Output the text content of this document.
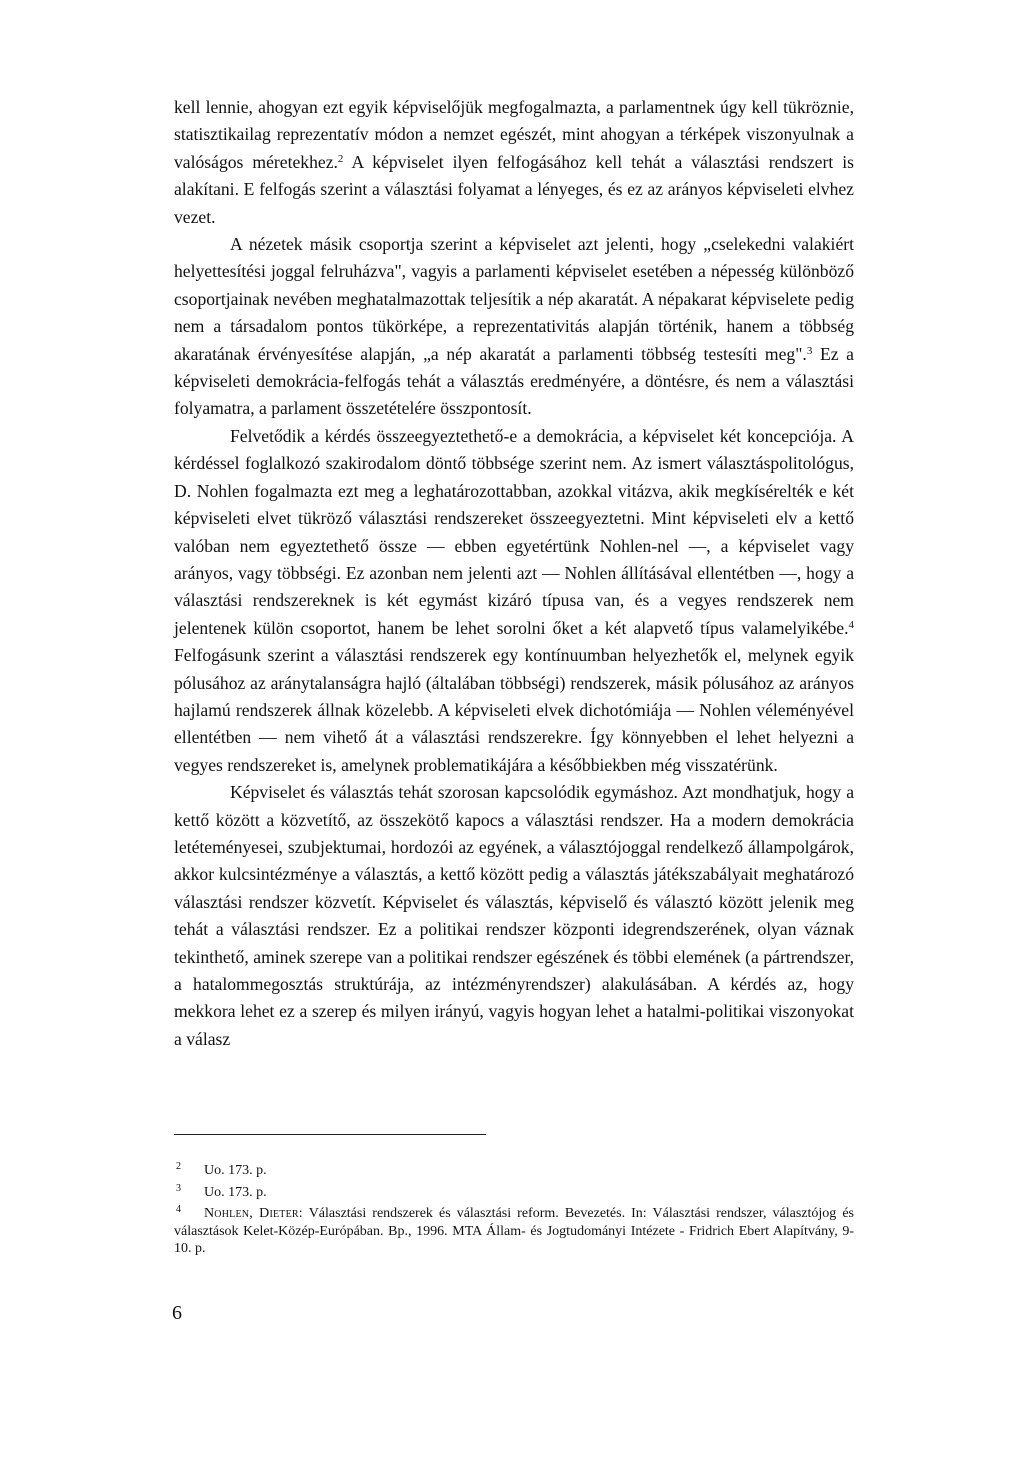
kell lennie, ahogyan ezt egyik képviselőjük megfogalmazta, a parlamentnek úgy kell tükröznie, statisztikailag reprezentatív módon a nemzet egészét, mint ahogyan a térképek viszonyulnak a valóságos méretekhez.$^2$ A képviselet ilyen felfogásához kell tehát a választási rendszert is alakítani. E felfogás szerint a választási folyamat a lényeges, és ez az arányos képviseleti elvhez vezet.

A nézetek másik csoportja szerint a képviselet azt jelenti, hogy „cselekedni valakiért helyettesítési joggal felruházva", vagyis a parlamenti képviselet esetében a népesség különböző csoportjainak nevében meghatalmazottak teljesítik a nép akaratát. A népakarat képviselete pedig nem a társadalom pontos tükörképe, a reprezentativitás alapján történik, hanem a többség akaratának érvényesítése alapján, „a nép akaratát a parlamenti többség testesíti meg".$^3$ Ez a képviseleti demokrácia-felfogás tehát a választás eredményére, a döntésre, és nem a választási folyamatra, a parlament összetételére összpontosít.

Felvetődik a kérdés összeegyeztethető-e a demokrácia, a képviselet két koncepciója. A kérdéssel foglalkozó szakirodalom döntő többsége szerint nem. Az ismert választáspolitológus, D. Nohlen fogalmazta ezt meg a leghatározottabban, azokkal vitázva, akik megkísérelték e két képviseleti elvet tükröző választási rendszereket összeegyeztetni. Mint képviseleti elv a kettő valóban nem egyeztethető össze — ebben egyetértünk Nohlen-nel —, a képviselet vagy arányos, vagy többségi. Ez azonban nem jelenti azt — Nohlen állításával ellentétben —, hogy a választási rendszereknek is két egymást kizáró típusa van, és a vegyes rendszerek nem jelentenek külön csoportot, hanem be lehet sorolni őket a két alapvető típus valamelyikébe.$^4$ Felfogásunk szerint a választási rendszerek egy kontínuumban helyezhetők el, melynek egyik pólusához az aránytalanságra hajló (általában többségi) rendszerek, másik pólusához az arányos hajlamú rendszerek állnak közelebb. A képviseleti elvek dichotómiája — Nohlen véleményével ellentétben — nem vihető át a választási rendszerekre. Így könnyebben el lehet helyezni a vegyes rendszereket is, amelynek problematikájára a későbbiekben még visszatérünk.

Képviselet és választás tehát szorosan kapcsolódik egymáshoz. Azt mondhatjuk, hogy a kettő között a közvetítő, az összekötő kapocs a választási rendszer. Ha a modern demokrácia letéteményesei, szubjektumai, hordozói az egyének, a választójoggal rendelkező állampolgárok, akkor kulcsintézménye a választás, a kettő között pedig a választás játékszabályait meghatározó választási rendszer közvetít. Képviselet és választás, képviselő és választó között jelenik meg tehát a választási rendszer. Ez a politikai rendszer központi idegrendszerének, olyan váznak tekinthető, aminek szerepe van a politikai rendszer egészének és többi elemének (a pártrendszer, a hatalommegosztás struktúrája, az intézményrendszer) alakulásában. A kérdés az, hogy mekkora lehet ez a szerep és milyen irányú, vagyis hogyan lehet a hatalmi-politikai viszonyokat a válasz

2 Uo. 173. p.

3 Uo. 173. p.

4 Nohlen, Dieter: Választási rendszerek és választási reform. Bevezetés. In: Választási rendszer, választójog és választások Kelet-Közép-Európában. Bp., 1996. MTA Állam- és Jogtudományi Intézete - Fridrich Ebert Alapítvány, 9-10. p.

6
